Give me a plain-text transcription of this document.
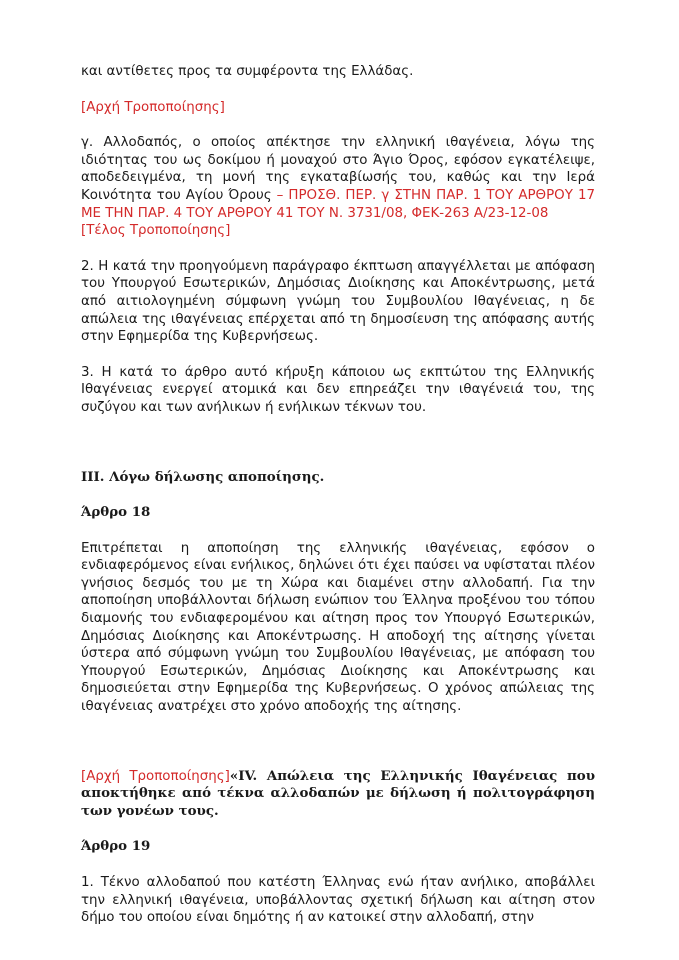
και αντίθετες προς τα συμφέροντα της Ελλάδας.

[Αρχή Τροποποίησης]

γ. Αλλοδαπός, ο οποίος απέκτησε την ελληνική ιθαγένεια, λόγω της ιδιότητας του ως δοκίμου ή μοναχού στο Άγιο Όρος, εφόσον εγκατέλειψε, αποδεδειγμένα, τη μονή της εγκαταβίωσής του, καθώς και την Ιερά Κοινότητα του Αγίου Όρους – ΠΡΟΣΘ. ΠΕΡ. γ ΣΤΗΝ ΠΑΡ. 1 ΤΟΥ ΑΡΘΡΟΥ 17 ΜΕ ΤΗΝ ΠΑΡ. 4 ΤΟΥ ΑΡΘΡΟΥ 41 ΤΟΥ Ν. 3731/08, ΦΕΚ-263 Α/23-12-08
[Τέλος Τροποποίησης]

2. Η κατά την προηγούμενη παράγραφο έκπτωση απαγγέλλεται με απόφαση του Υπουργού Εσωτερικών, Δημόσιας Διοίκησης και Αποκέντρωσης, μετά από αιτιολογημένη σύμφωνη γνώμη του Συμβουλίου Ιθαγένειας, η δε απώλεια της ιθαγένειας επέρχεται από τη δημοσίευση της απόφασης αυτής στην Εφημερίδα της Κυβερνήσεως.

3. Η κατά το άρθρο αυτό κήρυξη κάποιου ως εκπτώτου της Ελληνικής Ιθαγένειας ενεργεί ατομικά και δεν επηρεάζει την ιθαγένειά του, της συζύγου και των ανήλικων ή ενήλικων τέκνων του.

ΙΙΙ. Λόγω δήλωσης αποποίησης.

Άρθρο 18

Επιτρέπεται η αποποίηση της ελληνικής ιθαγένειας, εφόσον ο ενδιαφερόμενος είναι ενήλικος, δηλώνει ότι έχει παύσει να υφίσταται πλέον γνήσιος δεσμός του με τη Χώρα και διαμένει στην αλλοδαπή. Για την αποποίηση υποβάλλονται δήλωση ενώπιον του Έλληνα προξένου του τόπου διαμονής του ενδιαφερομένου και αίτηση προς τον Υπουργό Εσωτερικών, Δημόσιας Διοίκησης και Αποκέντρωσης. Η αποδοχή της αίτησης γίνεται ύστερα από σύμφωνη γνώμη του Συμβουλίου Ιθαγένειας, με απόφαση του Υπουργού Εσωτερικών, Δημόσιας Διοίκησης και Αποκέντρωσης και δημοσιεύεται στην Εφημερίδα της Κυβερνήσεως. Ο χρόνος απώλειας της ιθαγένειας ανατρέχει στο χρόνο αποδοχής της αίτησης.

[Αρχή Τροποποίησης]«IV. Απώλεια της Ελληνικής Ιθαγένειας που αποκτήθηκε από τέκνα αλλοδαπών με δήλωση ή πολιτογράφηση των γονέων τους.

Άρθρο 19

1. Τέκνο αλλοδαπού που κατέστη Έλληνας ενώ ήταν ανήλικο, αποβάλλει την ελληνική ιθαγένεια, υποβάλλοντας σχετική δήλωση και αίτηση στον δήμο του οποίου είναι δημότης ή αν κατοικεί στην αλλοδαπή, στην
